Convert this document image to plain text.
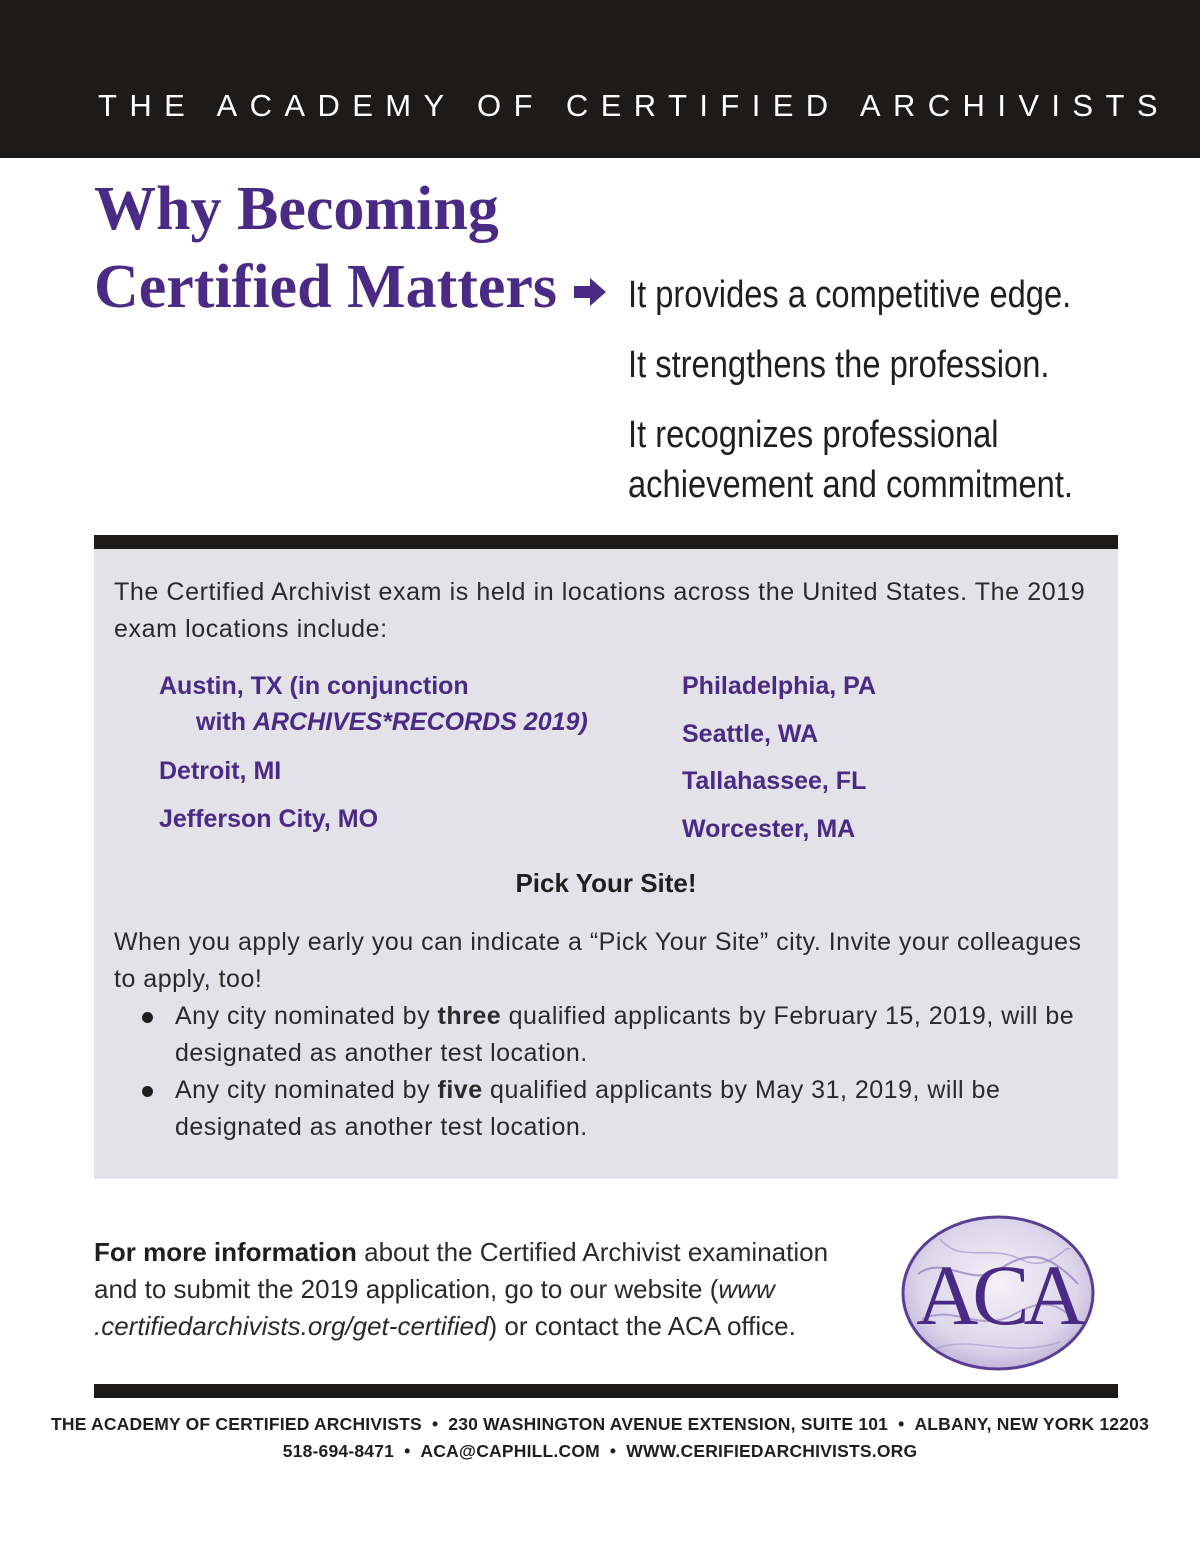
THE ACADEMY OF CERTIFIED ARCHIVISTS
Why Becoming
Certified Matters It provides a competitive edge.

It strengthens the profession.

It recognizes professional achievement and commitment.

The Certified Archivist exam is held in locations across the United States. The 2019 exam locations include:

Austin, TX (in conjunction

with ARCHIVES*RECORDS 2019)

Detroit, MI

Jefferson City, MO

Philadelphia, PA

Seattle, WA

Tallahassee, FL

Worcester, MA

Pick Your Site!

When you apply early you can indicate a “Pick Your Site” city. Invite your colleagues to apply, too!

Any city nominated by three qualified applicants by February 15, 2019, will be designated as another test location.
Any city nominated by five qualified applicants by May 31, 2019, will be designated as another test location.

For more information about the Certified Archivist examination and to submit the 2019 application, go to our website (www .certifiedarchivists.org/get-certified) or contact the ACA office.	ACA

THE ACADEMY OF CERTIFIED ARCHIVISTS • 230 WASHINGTON AVENUE EXTENSION, SUITE 101 • ALBANY, NEW YORK 12203

518-694-8471 • ACA@CAPHILL.COM • WWW.CERIFIEDARCHIVISTS.ORG
